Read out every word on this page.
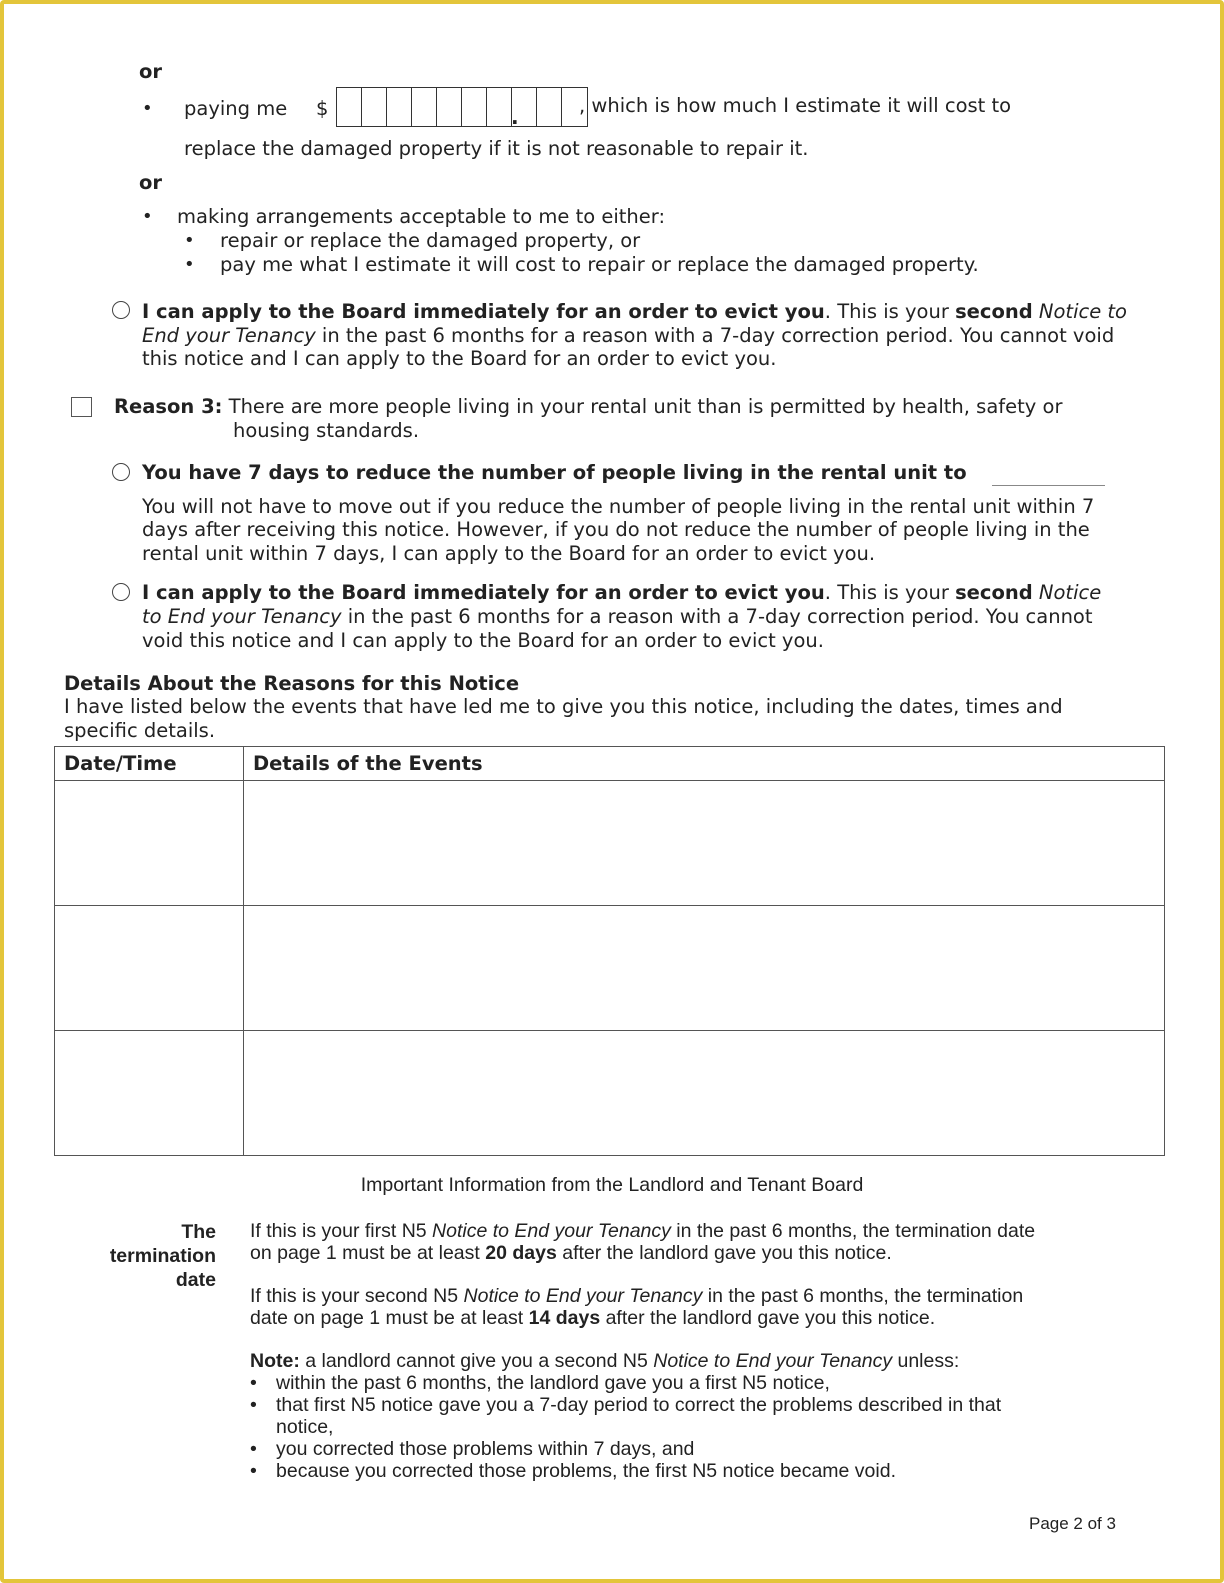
or
• paying me $	.	, which is how much I estimate it will cost to
replace the damaged property if it is not reasonable to repair it.
or
• making arrangements acceptable to me to either:
• repair or replace the damaged property, or
• pay me what I estimate it will cost to repair or replace the damaged property.
I can apply to the Board immediately for an order to evict you. This is your second Notice to
End your Tenancy in the past 6 months for a reason with a 7-day correction period. You cannot void
this notice and I can apply to the Board for an order to evict you.
Reason 3: There are more people living in your rental unit than is permitted by health, safety or
housing standards.
You have 7 days to reduce the number of people living in the rental unit to
You will not have to move out if you reduce the number of people living in the rental unit within 7
days after receiving this notice. However, if you do not reduce the number of people living in the
rental unit within 7 days, I can apply to the Board for an order to evict you.
I can apply to the Board immediately for an order to evict you. This is your second Notice
to End your Tenancy in the past 6 months for a reason with a 7-day correction period. You cannot
void this notice and I can apply to the Board for an order to evict you.
Details About the Reasons for this Notice
I have listed below the events that have led me to give you this notice, including the dates, times and
specific details.
Date/Time	Details of the Events

Important Information from the Landlord and Tenant Board
The
termination
date
If this is your first N5 Notice to End your Tenancy in the past 6 months, the termination date
on page 1 must be at least 20 days after the landlord gave you this notice.
If this is your second N5 Notice to End your Tenancy in the past 6 months, the termination
date on page 1 must be at least 14 days after the landlord gave you this notice.
Note: a landlord cannot give you a second N5 Notice to End your Tenancy unless:
• within the past 6 months, the landlord gave you a first N5 notice,
• that first N5 notice gave you a 7-day period to correct the problems described in that
notice,
• you corrected those problems within 7 days, and
• because you corrected those problems, the first N5 notice became void.
Page 2 of 3
